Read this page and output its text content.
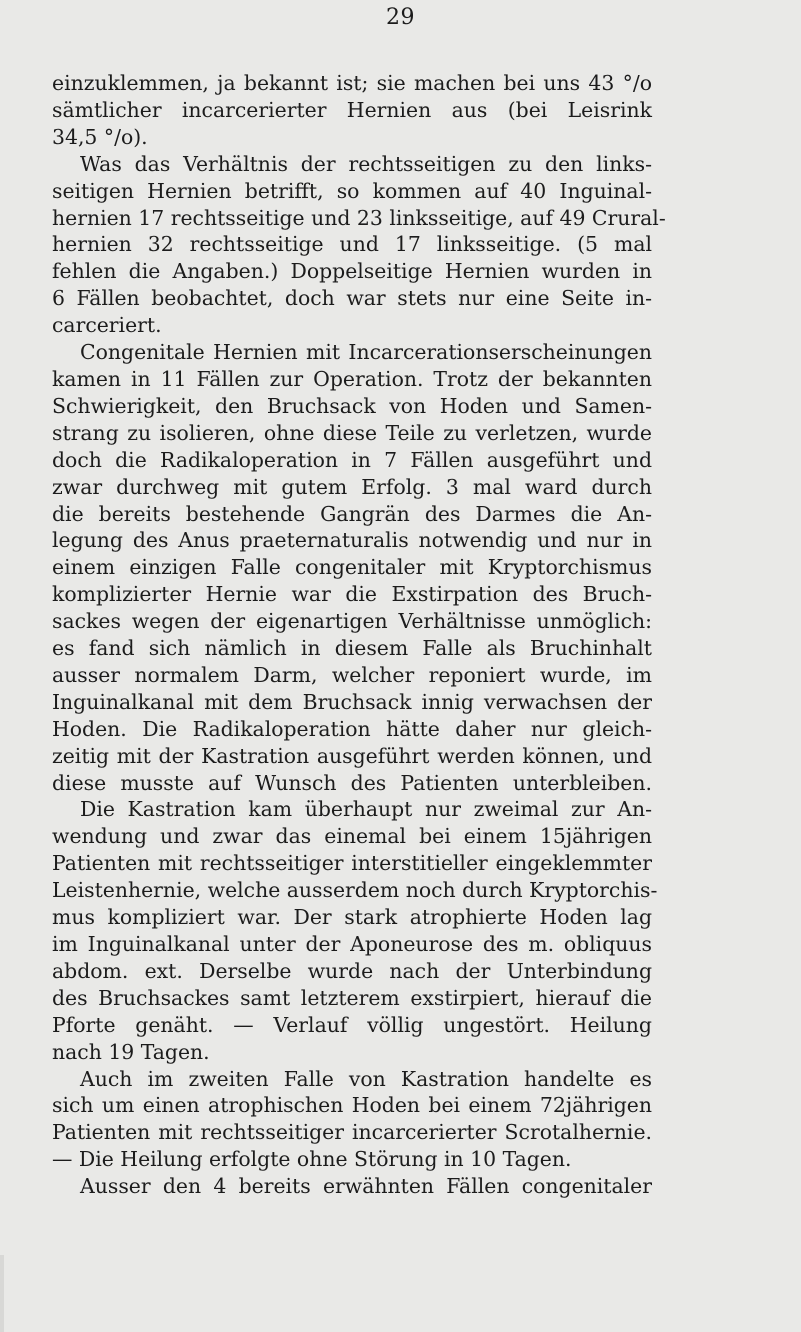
29
einzuklemmen, ja bekannt ist; sie machen bei uns 43 °/o
sämtlicher incarcerierter Hernien aus (bei Leisrink
34,5 °/o).
Was das Verhältnis der rechtsseitigen zu den links-
seitigen Hernien betrifft, so kommen auf 40 Inguinal-
hernien 17 rechtsseitige und 23 linksseitige, auf 49 Crural-
hernien 32 rechtsseitige und 17 linksseitige. (5 mal
fehlen die Angaben.) Doppelseitige Hernien wurden in
6 Fällen beobachtet, doch war stets nur eine Seite in-
carceriert.
Congenitale Hernien mit Incarcerationserscheinungen
kamen in 11 Fällen zur Operation. Trotz der bekannten
Schwierigkeit, den Bruchsack von Hoden und Samen-
strang zu isolieren, ohne diese Teile zu verletzen, wurde
doch die Radikaloperation in 7 Fällen ausgeführt und
zwar durchweg mit gutem Erfolg. 3 mal ward durch
die bereits bestehende Gangrän des Darmes die An-
legung des Anus praeternaturalis notwendig und nur in
einem einzigen Falle congenitaler mit Kryptorchismus
komplizierter Hernie war die Exstirpation des Bruch-
sackes wegen der eigenartigen Verhältnisse unmöglich:
es fand sich nämlich in diesem Falle als Bruchinhalt
ausser normalem Darm, welcher reponiert wurde, im
Inguinalkanal mit dem Bruchsack innig verwachsen der
Hoden. Die Radikaloperation hätte daher nur gleich-
zeitig mit der Kastration ausgeführt werden können, und
diese musste auf Wunsch des Patienten unterbleiben.
Die Kastration kam überhaupt nur zweimal zur An-
wendung und zwar das einemal bei einem 15jährigen
Patienten mit rechtsseitiger interstitieller eingeklemmter
Leistenhernie, welche ausserdem noch durch Kryptorchis-
mus kompliziert war. Der stark atrophierte Hoden lag
im Inguinalkanal unter der Aponeurose des m. obliquus
abdom. ext. Derselbe wurde nach der Unterbindung
des Bruchsackes samt letzterem exstirpiert, hierauf die
Pforte genäht. — Verlauf völlig ungestört. Heilung
nach 19 Tagen.
Auch im zweiten Falle von Kastration handelte es
sich um einen atrophischen Hoden bei einem 72jährigen
Patienten mit rechtsseitiger incarcerierter Scrotalhernie.
— Die Heilung erfolgte ohne Störung in 10 Tagen.
Ausser den 4 bereits erwähnten Fällen congenitaler
